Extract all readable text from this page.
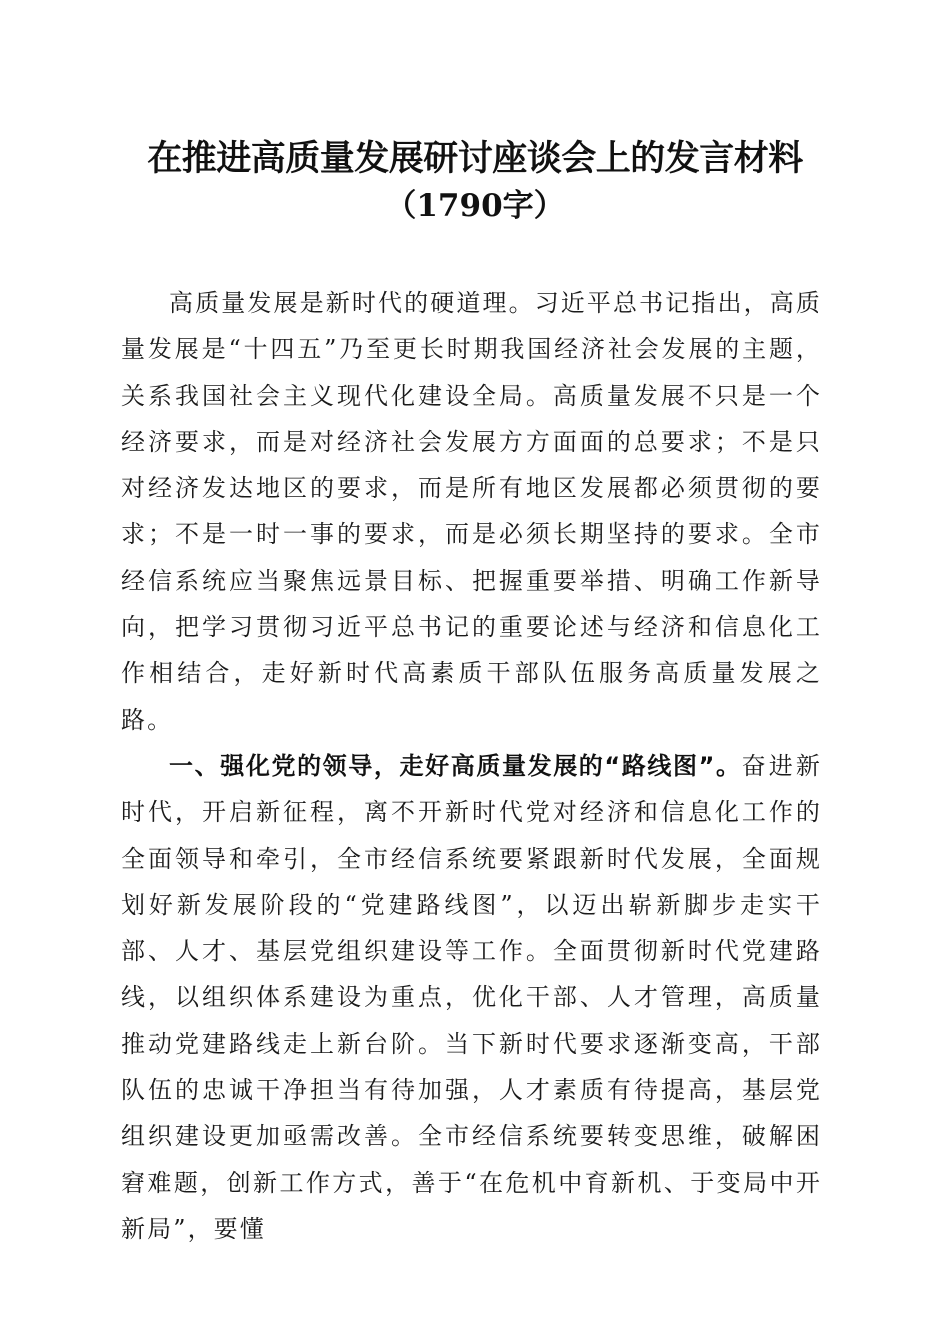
在推进高质量发展研讨座谈会上的发言材料
（1790字）

高质量发展是新时代的硬道理。习近平总书记指出，高质量发展是“十四五”乃至更长时期我国经济社会发展的主题，关系我国社会主义现代化建设全局。高质量发展不只是一个经济要求，而是对经济社会发展方方面面的总要求；不是只对经济发达地区的要求，而是所有地区发展都必须贯彻的要求；不是一时一事的要求，而是必须长期坚持的要求。全市经信系统应当聚焦远景目标、把握重要举措、明确工作新导向，把学习贯彻习近平总书记的重要论述与经济和信息化工作相结合，走好新时代高素质干部队伍服务高质量发展之路。

一、强化党的领导，走好高质量发展的“路线图”。奋进新时代，开启新征程，离不开新时代党对经济和信息化工作的全面领导和牵引，全市经信系统要紧跟新时代发展，全面规划好新发展阶段的“党建路线图”，以迈出崭新脚步走实干部、人才、基层党组织建设等工作。全面贯彻新时代党建路线，以组织体系建设为重点，优化干部、人才管理，高质量推动党建路线走上新台阶。当下新时代要求逐渐变高，干部队伍的忠诚干净担当有待加强，人才素质有待提高，基层党组织建设更加亟需改善。全市经信系统要转变思维，破解困窘难题，创新工作方式，善于“在危机中育新机、于变局中开新局”，要懂
